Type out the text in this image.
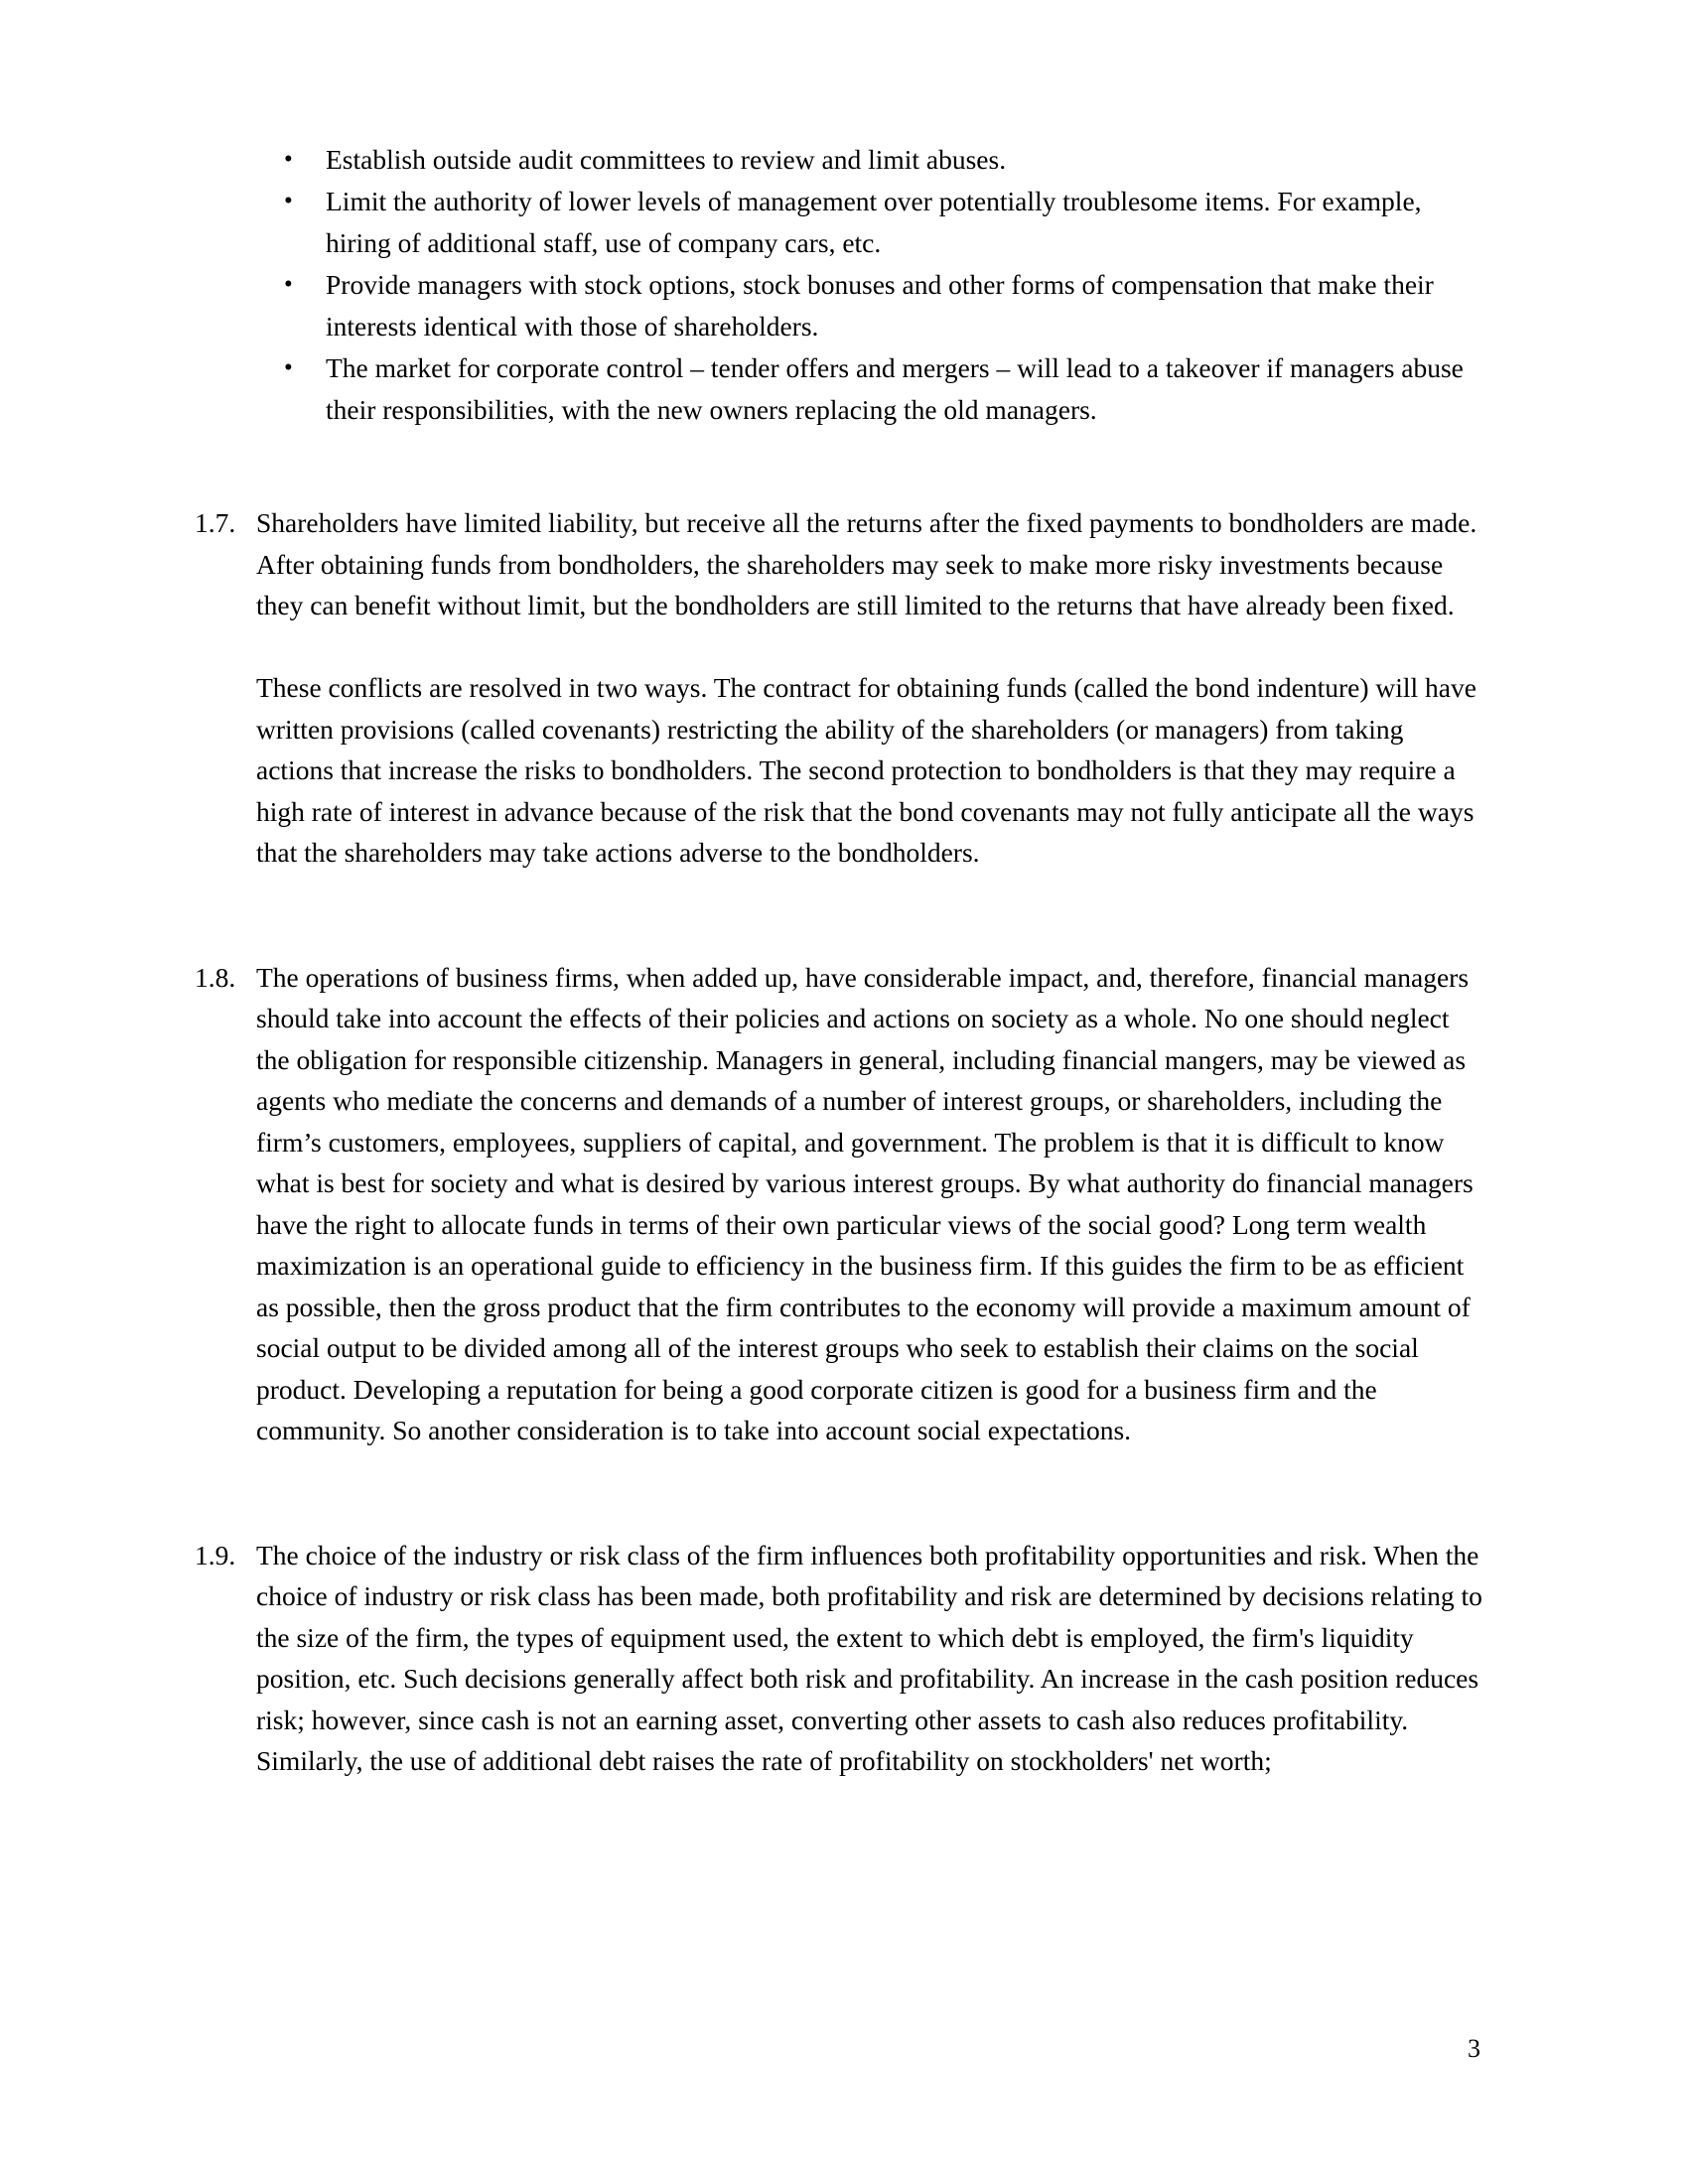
• Establish outside audit committees to review and limit abuses.
• Limit the authority of lower levels of management over potentially troublesome items. For example, hiring of additional staff, use of company cars, etc.
• Provide managers with stock options, stock bonuses and other forms of compensation that make their interests identical with those of shareholders.
• The market for corporate control – tender offers and mergers – will lead to a takeover if managers abuse their responsibilities, with the new owners replacing the old managers.
1.7. Shareholders have limited liability, but receive all the returns after the fixed payments to bondholders are made. After obtaining funds from bondholders, the shareholders may seek to make more risky investments because they can benefit without limit, but the bondholders are still limited to the returns that have already been fixed.

These conflicts are resolved in two ways. The contract for obtaining funds (called the bond indenture) will have written provisions (called covenants) restricting the ability of the shareholders (or managers) from taking actions that increase the risks to bondholders. The second protection to bondholders is that they may require a high rate of interest in advance because of the risk that the bond covenants may not fully anticipate all the ways that the shareholders may take actions adverse to the bondholders.

1.8. The operations of business firms, when added up, have considerable impact, and, therefore, financial managers should take into account the effects of their policies and actions on society as a whole. No one should neglect the obligation for responsible citizenship. Managers in general, including financial mangers, may be viewed as agents who mediate the concerns and demands of a number of interest groups, or shareholders, including the firm’s customers, employees, suppliers of capital, and government. The problem is that it is difficult to know what is best for society and what is desired by various interest groups. By what authority do financial managers have the right to allocate funds in terms of their own particular views of the social good? Long term wealth maximization is an operational guide to efficiency in the business firm. If this guides the firm to be as efficient as possible, then the gross product that the firm contributes to the economy will provide a maximum amount of social output to be divided among all of the interest groups who seek to establish their claims on the social product. Developing a reputation for being a good corporate citizen is good for a business firm and the community. So another consideration is to take into account social expectations.

1.9. The choice of the industry or risk class of the firm influences both profitability opportunities and risk. When the choice of industry or risk class has been made, both profitability and risk are determined by decisions relating to the size of the firm, the types of equipment used, the extent to which debt is employed, the firm's liquidity position, etc. Such decisions generally affect both risk and profitability. An increase in the cash position reduces risk; however, since cash is not an earning asset, converting other assets to cash also reduces profitability. Similarly, the use of additional debt raises the rate of profitability on stockholders' net worth;

3
